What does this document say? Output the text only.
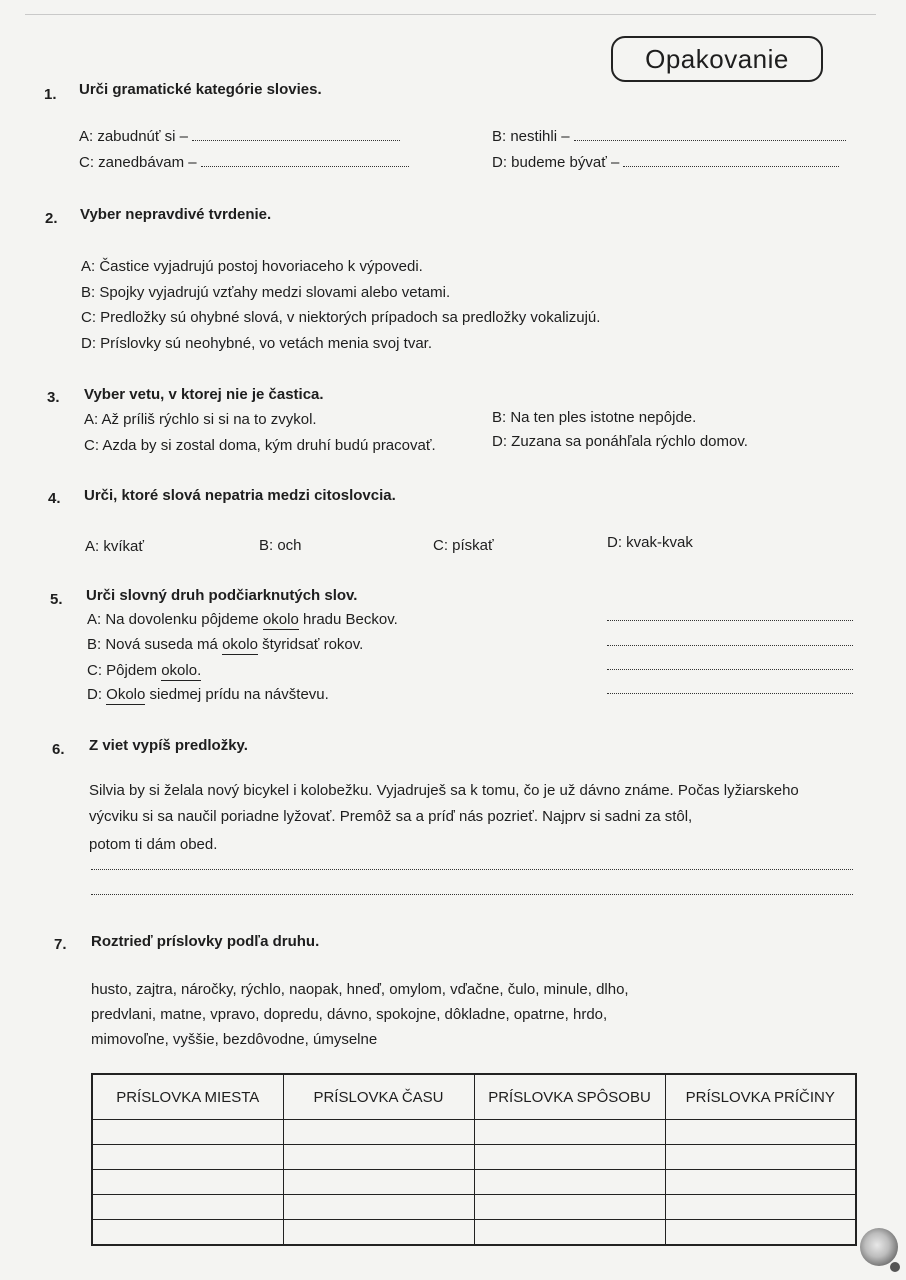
Opakovanie
1.	Urči gramatické kategórie slovies.
A: zabudnúť si –
C: zanedbávam –
B: nestihli –
D: budeme bývať –
2.	Vyber nepravdivé tvrdenie.
A: Častice vyjadrujú postoj hovoriaceho k výpovedi.
B: Spojky vyjadrujú vzťahy medzi slovami alebo vetami.
C: Predložky sú ohybné slová, v niektorých prípadoch sa predložky vokalizujú.
D: Príslovky sú neohybné, vo vetách menia svoj tvar.
3.	Vyber vetu, v ktorej nie je častica.
A: Až príliš rýchlo si si na to zvykol.
C: Azda by si zostal doma, kým druhí budú pracovať.
B: Na ten ples istotne nepôjde.
D: Zuzana sa ponáhľala rýchlo domov.
4.	Urči, ktoré slová nepatria medzi citoslovcia.
A: kvíkať	B: och	C: pískať	D: kvak-kvak
5.	Urči slovný druh podčiarknutých slov.
A: Na dovolenku pôjdeme okolo hradu Beckov.
B: Nová suseda má okolo štyridsať rokov.
C: Pôjdem okolo.
D: Okolo siedmej prídu na návštevu.
6.	Z viet vypíš predložky.
Silvia by si želala nový bicykel i kolobežku. Vyjadruješ sa k tomu, čo je už dávno známe. Počas lyžiarskeho
výcviku si sa naučil poriadne lyžovať. Premôž sa a príď nás pozrieť. Najprv si sadni za stôl,
potom ti dám obed.
7.	Roztrieď príslovky podľa druhu.
husto, zajtra, náročky, rýchlo, naopak, hneď, omylom, vďačne, čulo, minule, dlho,
predvlani, matne, vpravo, dopredu, dávno, spokojne, dôkladne, opatrne, hrdo,
mimovoľne, vyššie, bezdôvodne, úmyselne
PRÍSLOVKA MIESTA	PRÍSLOVKA ČASU	PRÍSLOVKA SPÔSOBU	PRÍSLOVKA PRÍČINY
